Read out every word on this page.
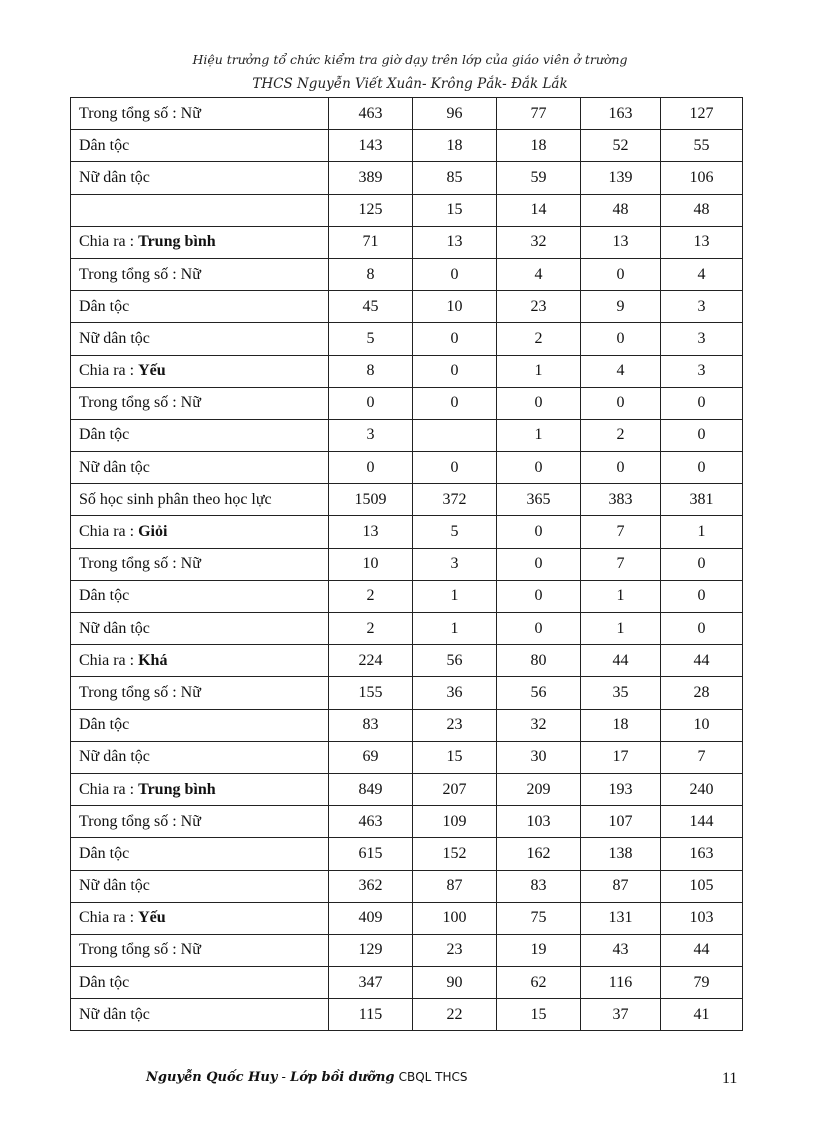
Hiệu trưởng tổ chức kiểm tra giờ dạy trên lớp của giáo viên ở trường
THCS Nguyễn Viết Xuân- Krông Pắk- Đắk Lắk
Trong tổng số : Nữ	463	96	77	163	127
Dân tộc	143	18	18	52	55
Nữ dân tộc	389	85	59	139	106
	125	15	14	48	48
Chia ra : Trung bình	71	13	32	13	13
Trong tổng số : Nữ	8	0	4	0	4
Dân tộc	45	10	23	9	3
Nữ dân tộc	5	0	2	0	3
Chia ra : Yếu	8	0	1	4	3
Trong tổng số : Nữ	0	0	0	0	0
Dân tộc	3		1	2	0
Nữ dân tộc	0	0	0	0	0
Số học sinh phân theo học lực	1509	372	365	383	381
Chia ra : Giỏi	13	5	0	7	1
Trong tổng số : Nữ	10	3	0	7	0
Dân tộc	2	1	0	1	0
Nữ dân tộc	2	1	0	1	0
Chia ra : Khá	224	56	80	44	44
Trong tổng số : Nữ	155	36	56	35	28
Dân tộc	83	23	32	18	10
Nữ dân tộc	69	15	30	17	7
Chia ra : Trung bình	849	207	209	193	240
Trong tổng số : Nữ	463	109	103	107	144
Dân tộc	615	152	162	138	163
Nữ dân tộc	362	87	83	87	105
Chia ra : Yếu	409	100	75	131	103
Trong tổng số : Nữ	129	23	19	43	44
Dân tộc	347	90	62	116	79
Nữ dân tộc	115	22	15	37	41
Nguyễn Quốc Huy - Lớp bồi dưỡng CBQL THCS	11
